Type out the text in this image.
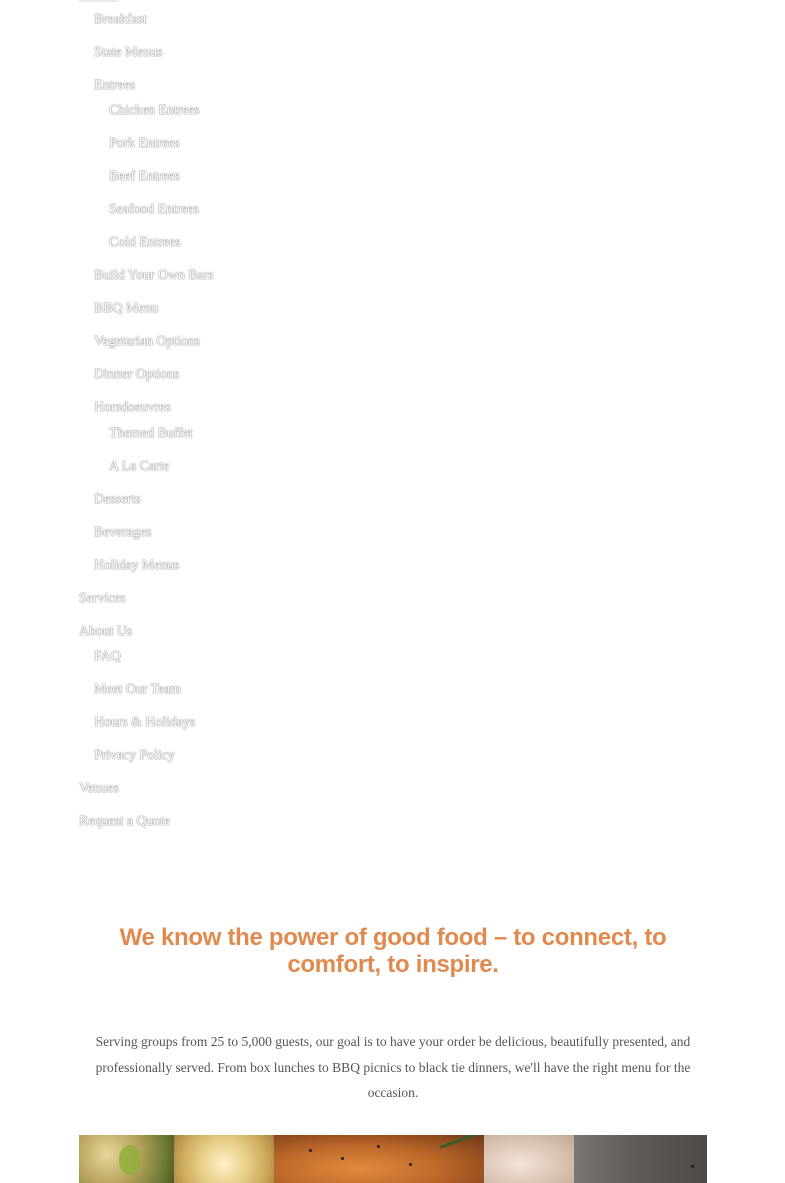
Breakfast
State Menus
Entrees
Chicken Entrees
Pork Entrees
Beef Entrees
Seafood Entrees
Cold Entrees
Build Your Own Bars
BBQ Menu
Vegetarian Options
Dinner Options
Horsdoeuvres
Themed Buffet
A La Carte
Desserts
Beverages
Holiday Menus
Services
About Us
FAQ
Meet Our Team
Hours & Holidays
Privacy Policy
Venues
Request a Quote
We know the power of good food – to connect, to comfort, to inspire.

Serving groups from 25 to 5,000 guests, our goal is to have your order be delicious, beautifully presented, and professionally served. From box lunches to BBQ picnics to black tie dinners, we'll have the right menu for the occasion.
